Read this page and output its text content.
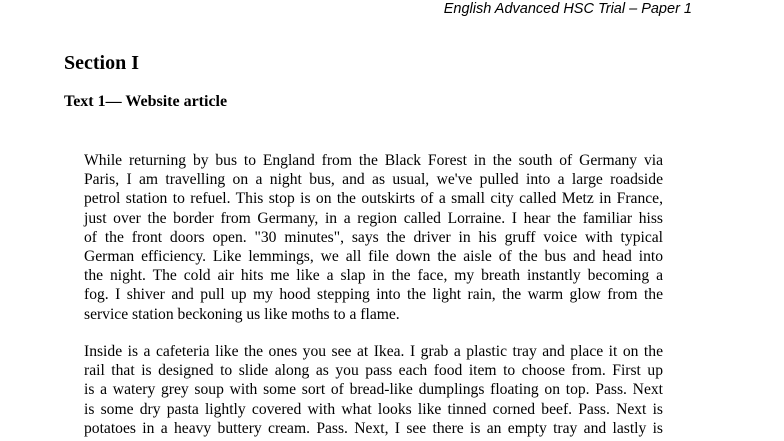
English Advanced HSC Trial – Paper 1
Section I
Text 1— Website article

While returning by bus to England from the Black Forest in the south of Germany via
Paris, I am travelling on a night bus, and as usual, we've pulled into a large roadside
petrol station to refuel. This stop is on the outskirts of a small city called Metz in France,
just over the border from Germany, in a region called Lorraine. I hear the familiar hiss
of the front doors open. "30 minutes", says the driver in his gruff voice with typical
German efficiency. Like lemmings, we all file down the aisle of the bus and head into
the night. The cold air hits me like a slap in the face, my breath instantly becoming a
fog. I shiver and pull up my hood stepping into the light rain, the warm glow from the
service station beckoning us like moths to a flame.

Inside is a cafeteria like the ones you see at Ikea. I grab a plastic tray and place it on the
rail that is designed to slide along as you pass each food item to choose from. First up
is a watery grey soup with some sort of bread-like dumplings floating on top. Pass. Next
is some dry pasta lightly covered with what looks like tinned corned beef. Pass. Next is
potatoes in a heavy buttery cream. Pass. Next, I see there is an empty tray and lastly is
